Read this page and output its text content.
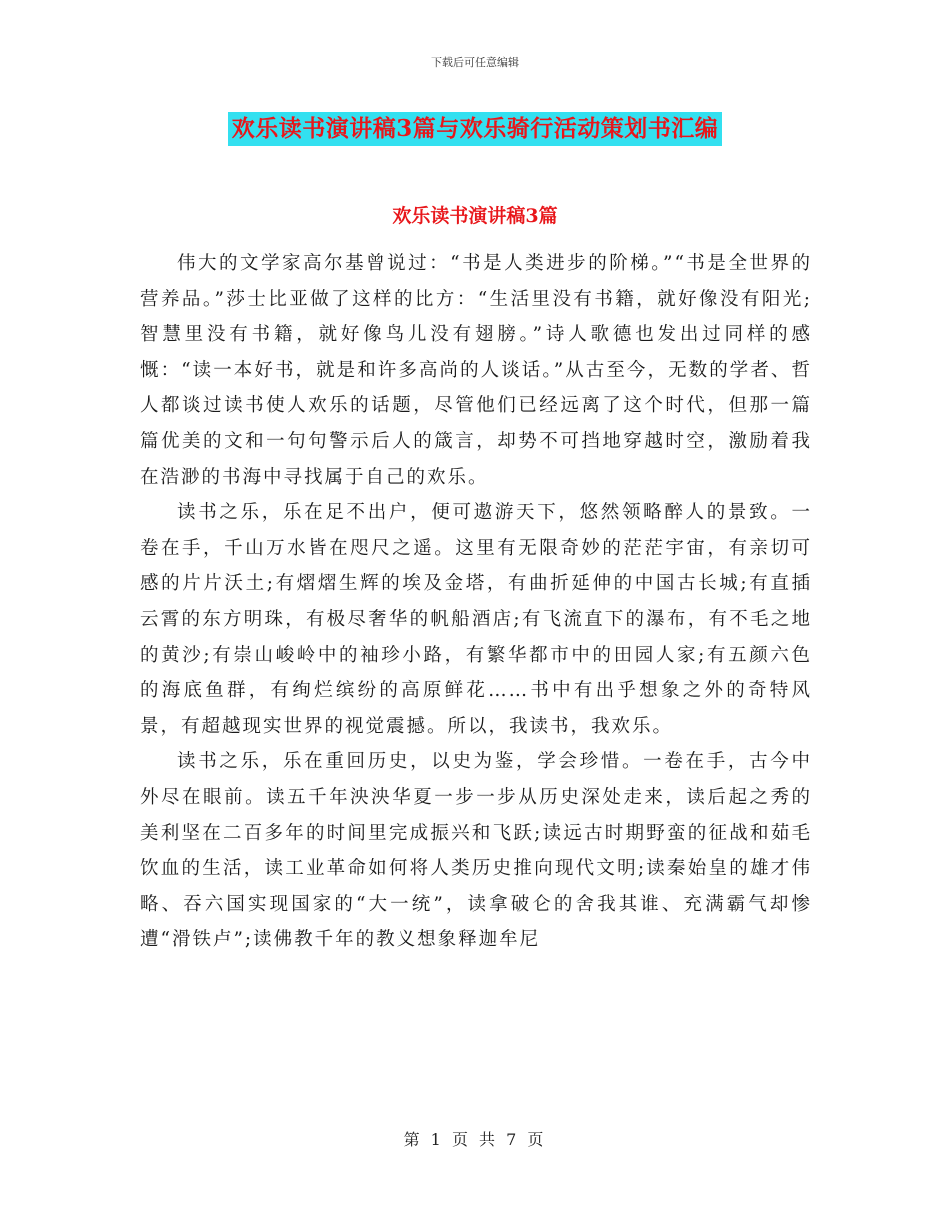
下载后可任意编辑
欢乐读书演讲稿3篇与欢乐骑行活动策划书汇编
欢乐读书演讲稿3篇

伟大的文学家高尔基曾说过：“书是人类进步的阶梯。”“书是全世界的营养品。”莎士比亚做了这样的比方：“生活里没有书籍，就好像没有阳光;智慧里没有书籍，就好像鸟儿没有翅膀。”诗人歌德也发出过同样的感慨：“读一本好书，就是和许多高尚的人谈话。”从古至今，无数的学者、哲人都谈过读书使人欢乐的话题，尽管他们已经远离了这个时代，但那一篇篇优美的文和一句句警示后人的箴言，却势不可挡地穿越时空，激励着我在浩渺的书海中寻找属于自己的欢乐。

读书之乐，乐在足不出户，便可遨游天下，悠然领略醉人的景致。一卷在手，千山万水皆在咫尺之遥。这里有无限奇妙的茫茫宇宙，有亲切可感的片片沃土;有熠熠生辉的埃及金塔，有曲折延伸的中国古长城;有直插云霄的东方明珠，有极尽奢华的帆船酒店;有飞流直下的瀑布，有不毛之地的黄沙;有崇山峻岭中的袖珍小路，有繁华都市中的田园人家;有五颜六色的海底鱼群，有绚烂缤纷的高原鲜花……书中有出乎想象之外的奇特风景，有超越现实世界的视觉震撼。所以，我读书，我欢乐。

读书之乐，乐在重回历史，以史为鉴，学会珍惜。一卷在手，古今中外尽在眼前。读五千年泱泱华夏一步一步从历史深处走来，读后起之秀的美利坚在二百多年的时间里完成振兴和飞跃;读远古时期野蛮的征战和茹毛饮血的生活，读工业革命如何将人类历史推向现代文明;读秦始皇的雄才伟略、吞六国实现国家的“大一统”，读拿破仑的舍我其谁、充满霸气却惨遭“滑铁卢”;读佛教千年的教义想象释迦牟尼

第 1 页 共 7 页
